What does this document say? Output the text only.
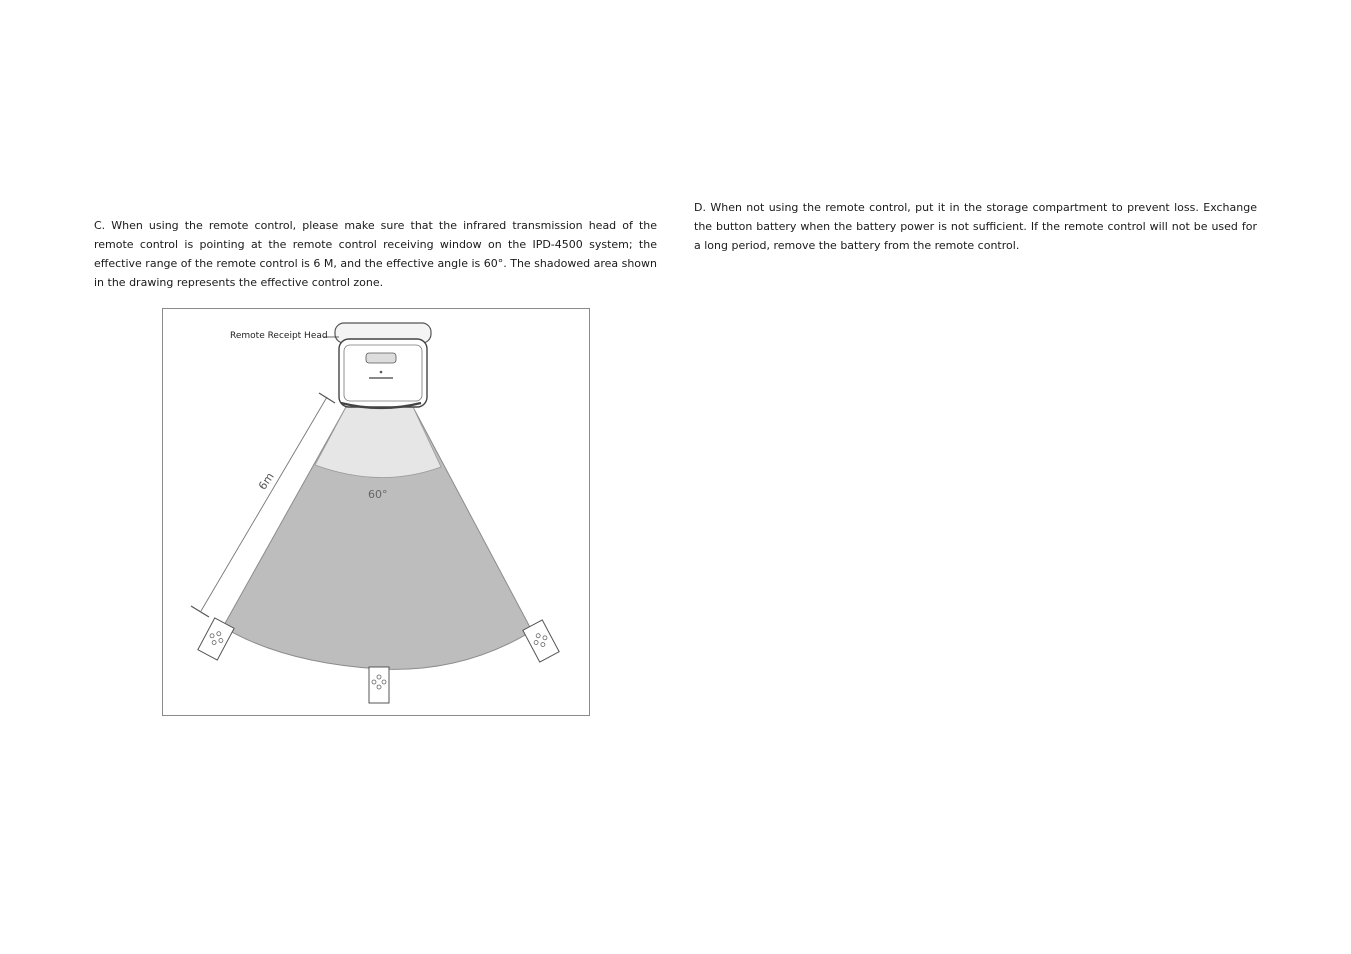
C. When using the remote control, please make sure that the infrared transmission head of the remote control is pointing at the remote control receiving window on the IPD-4500 system; the effective range of the remote control is 6 M, and the effective angle is 60°. The shadowed area shown in the drawing represents the effective control zone.

D. When not using the remote control, put it in the storage compartment to prevent loss. Exchange the button battery when the battery power is not sufficient. If the remote control will not be used for a long period, remove the battery from the remote control.

Remote Receipt Head
6m
60°
